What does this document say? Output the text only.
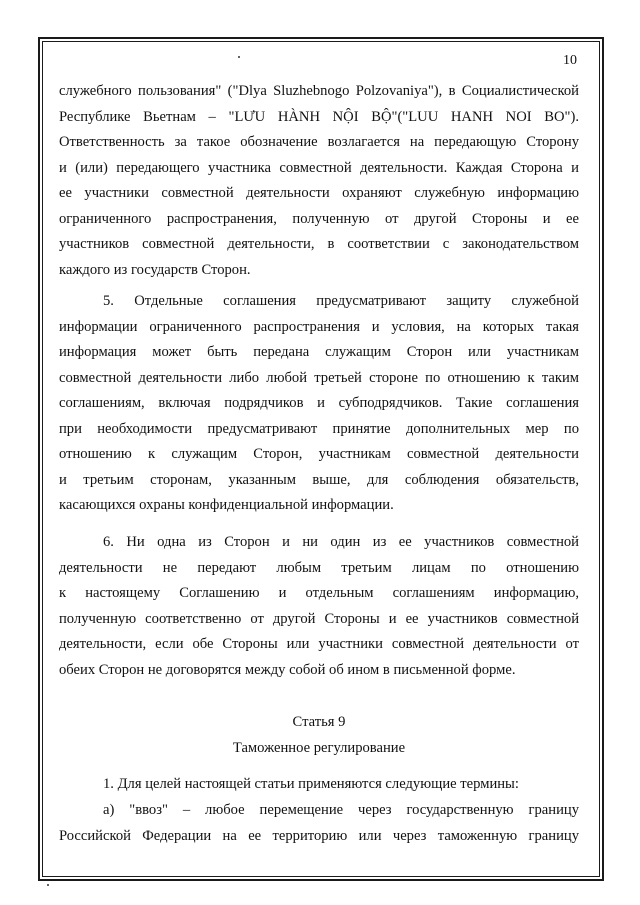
10
служебного пользования" ("Dlya Sluzhebnogo Polzovaniya"), в Социалистической
Республике Вьетнам – "LƯU HÀNH NỘI BỘ"("LUU HANH NOI BO").
Ответственность за такое обозначение возлагается на передающую Сторону
и (или) передающего участника совместной деятельности. Каждая Сторона и
ее участники совместной деятельности охраняют служебную информацию
ограниченного распространения, полученную от другой Стороны и ее
участников совместной деятельности, в соответствии с законодательством
каждого из государств Сторон.
5. Отдельные соглашения предусматривают защиту служебной
информации ограниченного распространения и условия, на которых такая
информация может быть передана служащим Сторон или участникам
совместной деятельности либо любой третьей стороне по отношению к таким
соглашениям, включая подрядчиков и субподрядчиков. Такие соглашения
при необходимости предусматривают принятие дополнительных мер по
отношению к служащим Сторон, участникам совместной деятельности
и третьим сторонам, указанным выше, для соблюдения обязательств,
касающихся охраны конфиденциальной информации.
6. Ни одна из Сторон и ни один из ее участников совместной
деятельности не передают любым третьим лицам по отношению
к настоящему Соглашению и отдельным соглашениям информацию,
полученную соответственно от другой Стороны и ее участников совместной
деятельности, если обе Стороны или участники совместной деятельности от
обеих Сторон не договорятся между собой об ином в письменной форме.
Статья 9
Таможенное регулирование
1. Для целей настоящей статьи применяются следующие термины:
а) "ввоз" – любое перемещение через государственную границу
Российской Федерации на ее территорию или через таможенную границу
